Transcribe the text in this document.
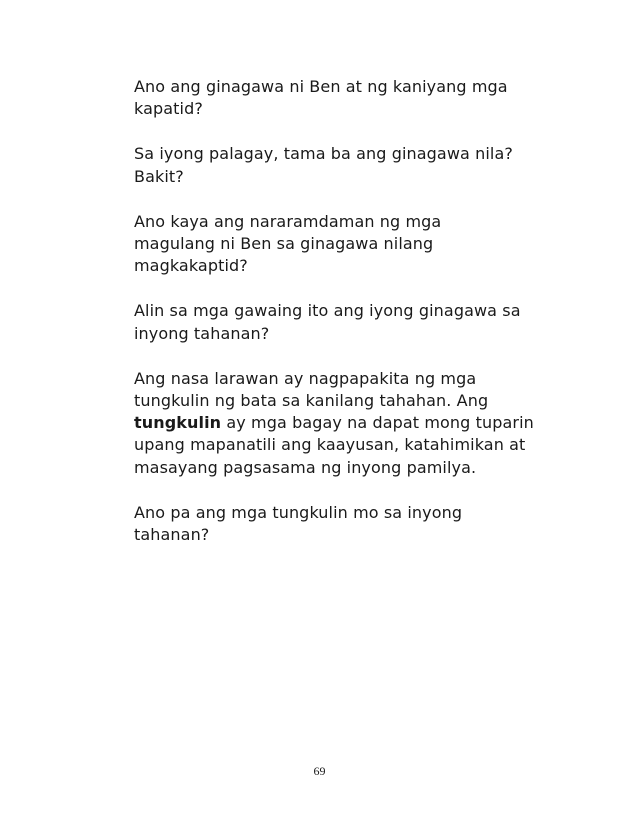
Ano ang ginagawa ni Ben at ng kaniyang mga
kapatid?

Sa iyong palagay, tama ba ang ginagawa nila?
Bakit?

Ano kaya ang nararamdaman ng mga
magulang ni Ben sa ginagawa nilang
magkakaptid?

Alin sa mga gawaing ito ang iyong ginagawa sa
inyong tahanan?

Ang nasa larawan ay nagpapakita ng mga
tungkulin ng bata sa kanilang tahahan. Ang
tungkulin ay mga bagay na dapat mong tuparin
upang mapanatili ang kaayusan, katahimikan at
masayang pagsasama ng inyong pamilya.

Ano pa ang mga tungkulin mo sa inyong
tahanan?

69
